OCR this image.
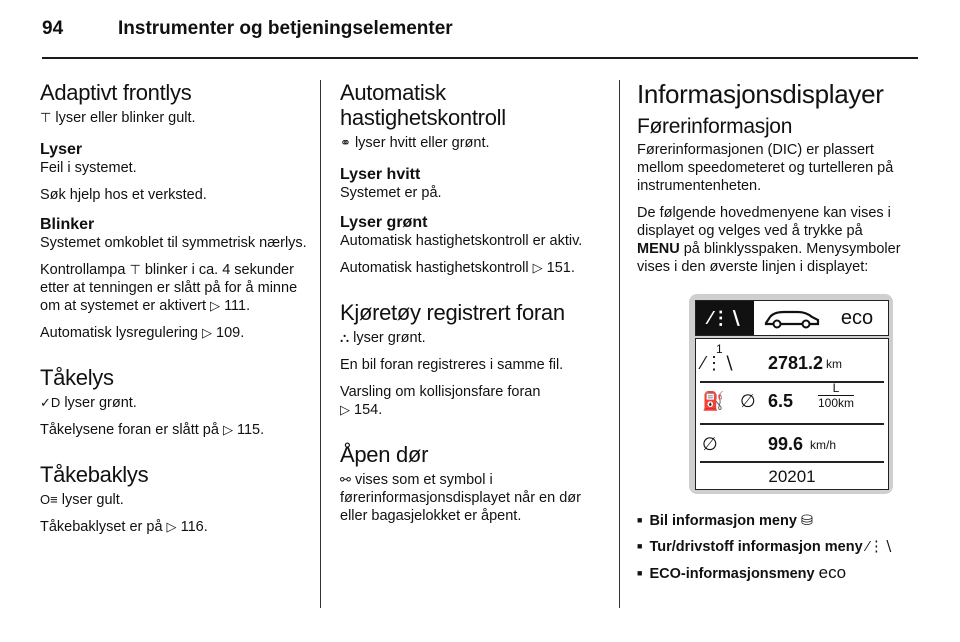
94	Instrumenter og betjeningselementer
Adaptivt frontlys

⊤ lyser eller blinker gult.

Lyser

Feil i systemet.

Søk hjelp hos et verksted.

Blinker

Systemet omkoblet til symmetrisk nærlys.

Kontrollampa ⊤ blinker i ca. 4 sekunder etter at tenningen er slått på for å minne om at systemet er aktivert ▷ 111.

Automatisk lysregulering ▷ 109.

Tåkelys

✓D lyser grønt.

Tåkelysene foran er slått på ▷ 115.

Tåkebaklys

O≡ lyser gult.

Tåkebaklyset er på ▷ 116.

Automatisk hastighetskontroll

⚭ lyser hvitt eller grønt.

Lyser hvitt

Systemet er på.

Lyser grønt

Automatisk hastighetskontroll er aktiv.

Automatisk hastighetskontroll ▷ 151.

Kjøretøy registrert foran

⛬ lyser grønt.

En bil foran registreres i samme fil.

Varsling om kollisjonsfare foran
▷ 154.

Åpen dør

⚯ vises som et symbol i førerinformasjonsdisplayet når en dør eller bagasjelokket er åpent.

Informasjonsdisplayer
Førerinformasjon

Førerinformasjonen (DIC) er plassert mellom speedometeret og turtelleren på instrumentenheten.

De følgende hovedmenyene kan vises i displayet og velges ved å trykke på MENU på blinklysspaken. Menysymboler vises i den øverste linjen i displayet:

⁄⋮∖	eco
1
⁄⋮∖ 2781.2 km
⛽ ∅ 6.5
L
100km
∅	99.6 km/h
20201
■ Bil informasjon meny ⛁
■ Tur/drivstoff informasjon meny ⁄⋮∖
■ ECO-informasjonsmeny eco
